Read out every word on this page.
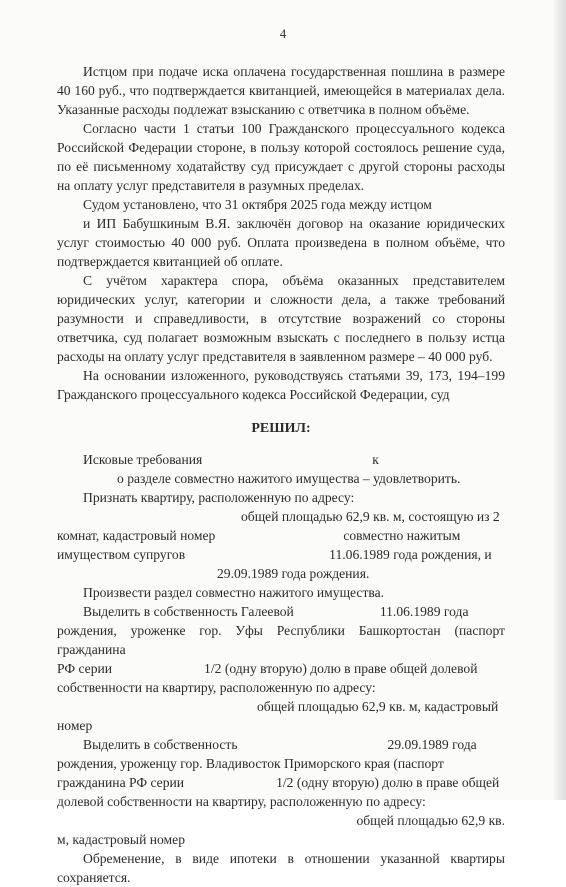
4

Истцом при подаче иска оплачена государственная пошлина в размере 40 160 руб., что подтверждается квитанцией, имеющейся в материалах дела. Указанные расходы подлежат взысканию с ответчика в полном объёме.

Согласно части 1 статьи 100 Гражданского процессуального кодекса Российской Федерации стороне, в пользу которой состоялось решение суда, по её письменному ходатайству суд присуждает с другой стороны расходы на оплату услуг представителя в разумных пределах.

Судом установлено, что 31 октября 2025 года между истцом

и ИП Бабушкиным В.Я. заключён договор на оказание юридических услуг стоимостью 40 000 руб. Оплата произведена в полном объёме, что подтверждается квитанцией об оплате.

С учётом характера спора, объёма оказанных представителем юридических услуг, категории и сложности дела, а также требований разумности и справедливости, в отсутствие возражений со стороны ответчика, суд полагает возможным взыскать с последнего в пользу истца расходы на оплату услуг представителя в заявленном размере – 40 000 руб.

На основании изложенного, руководствуясь статьями 39, 173, 194–199 Гражданского процессуального кодекса Российской Федерации, суд

РЕШИЛ:

Исковые требования	к

о разделе совместно нажитого имущества – удовлетворить.

Признать квартиру, расположенную по адресу:

общей площадью 62,9 кв. м, состоящую из 2

комнат, кадастровый номер	совместно нажитым

имуществом супругов	11.06.1989 года рождения, и

29.09.1989 года рождения.

Произвести раздел совместно нажитого имущества.

Выделить в собственность Галеевой	11.06.1989 года

рождения, уроженке гор. Уфы Республики Башкортостан (паспорт гражданина

РФ серии	1/2 (одну вторую) долю в праве общей долевой

собственности на квартиру, расположенную по адресу:

общей площадью 62,9 кв. м, кадастровый

номер

Выделить в собственность	29.09.1989 года

рождения, уроженцу гор. Владивосток Приморского края (паспорт

гражданина РФ серии	1/2 (одну вторую) долю в праве общей

долевой собственности на квартиру, расположенную по адресу:

общей площадью 62,9 кв.

м, кадастровый номер

Обременение, в виде ипотеки в отношении указанной квартиры сохраняется.
